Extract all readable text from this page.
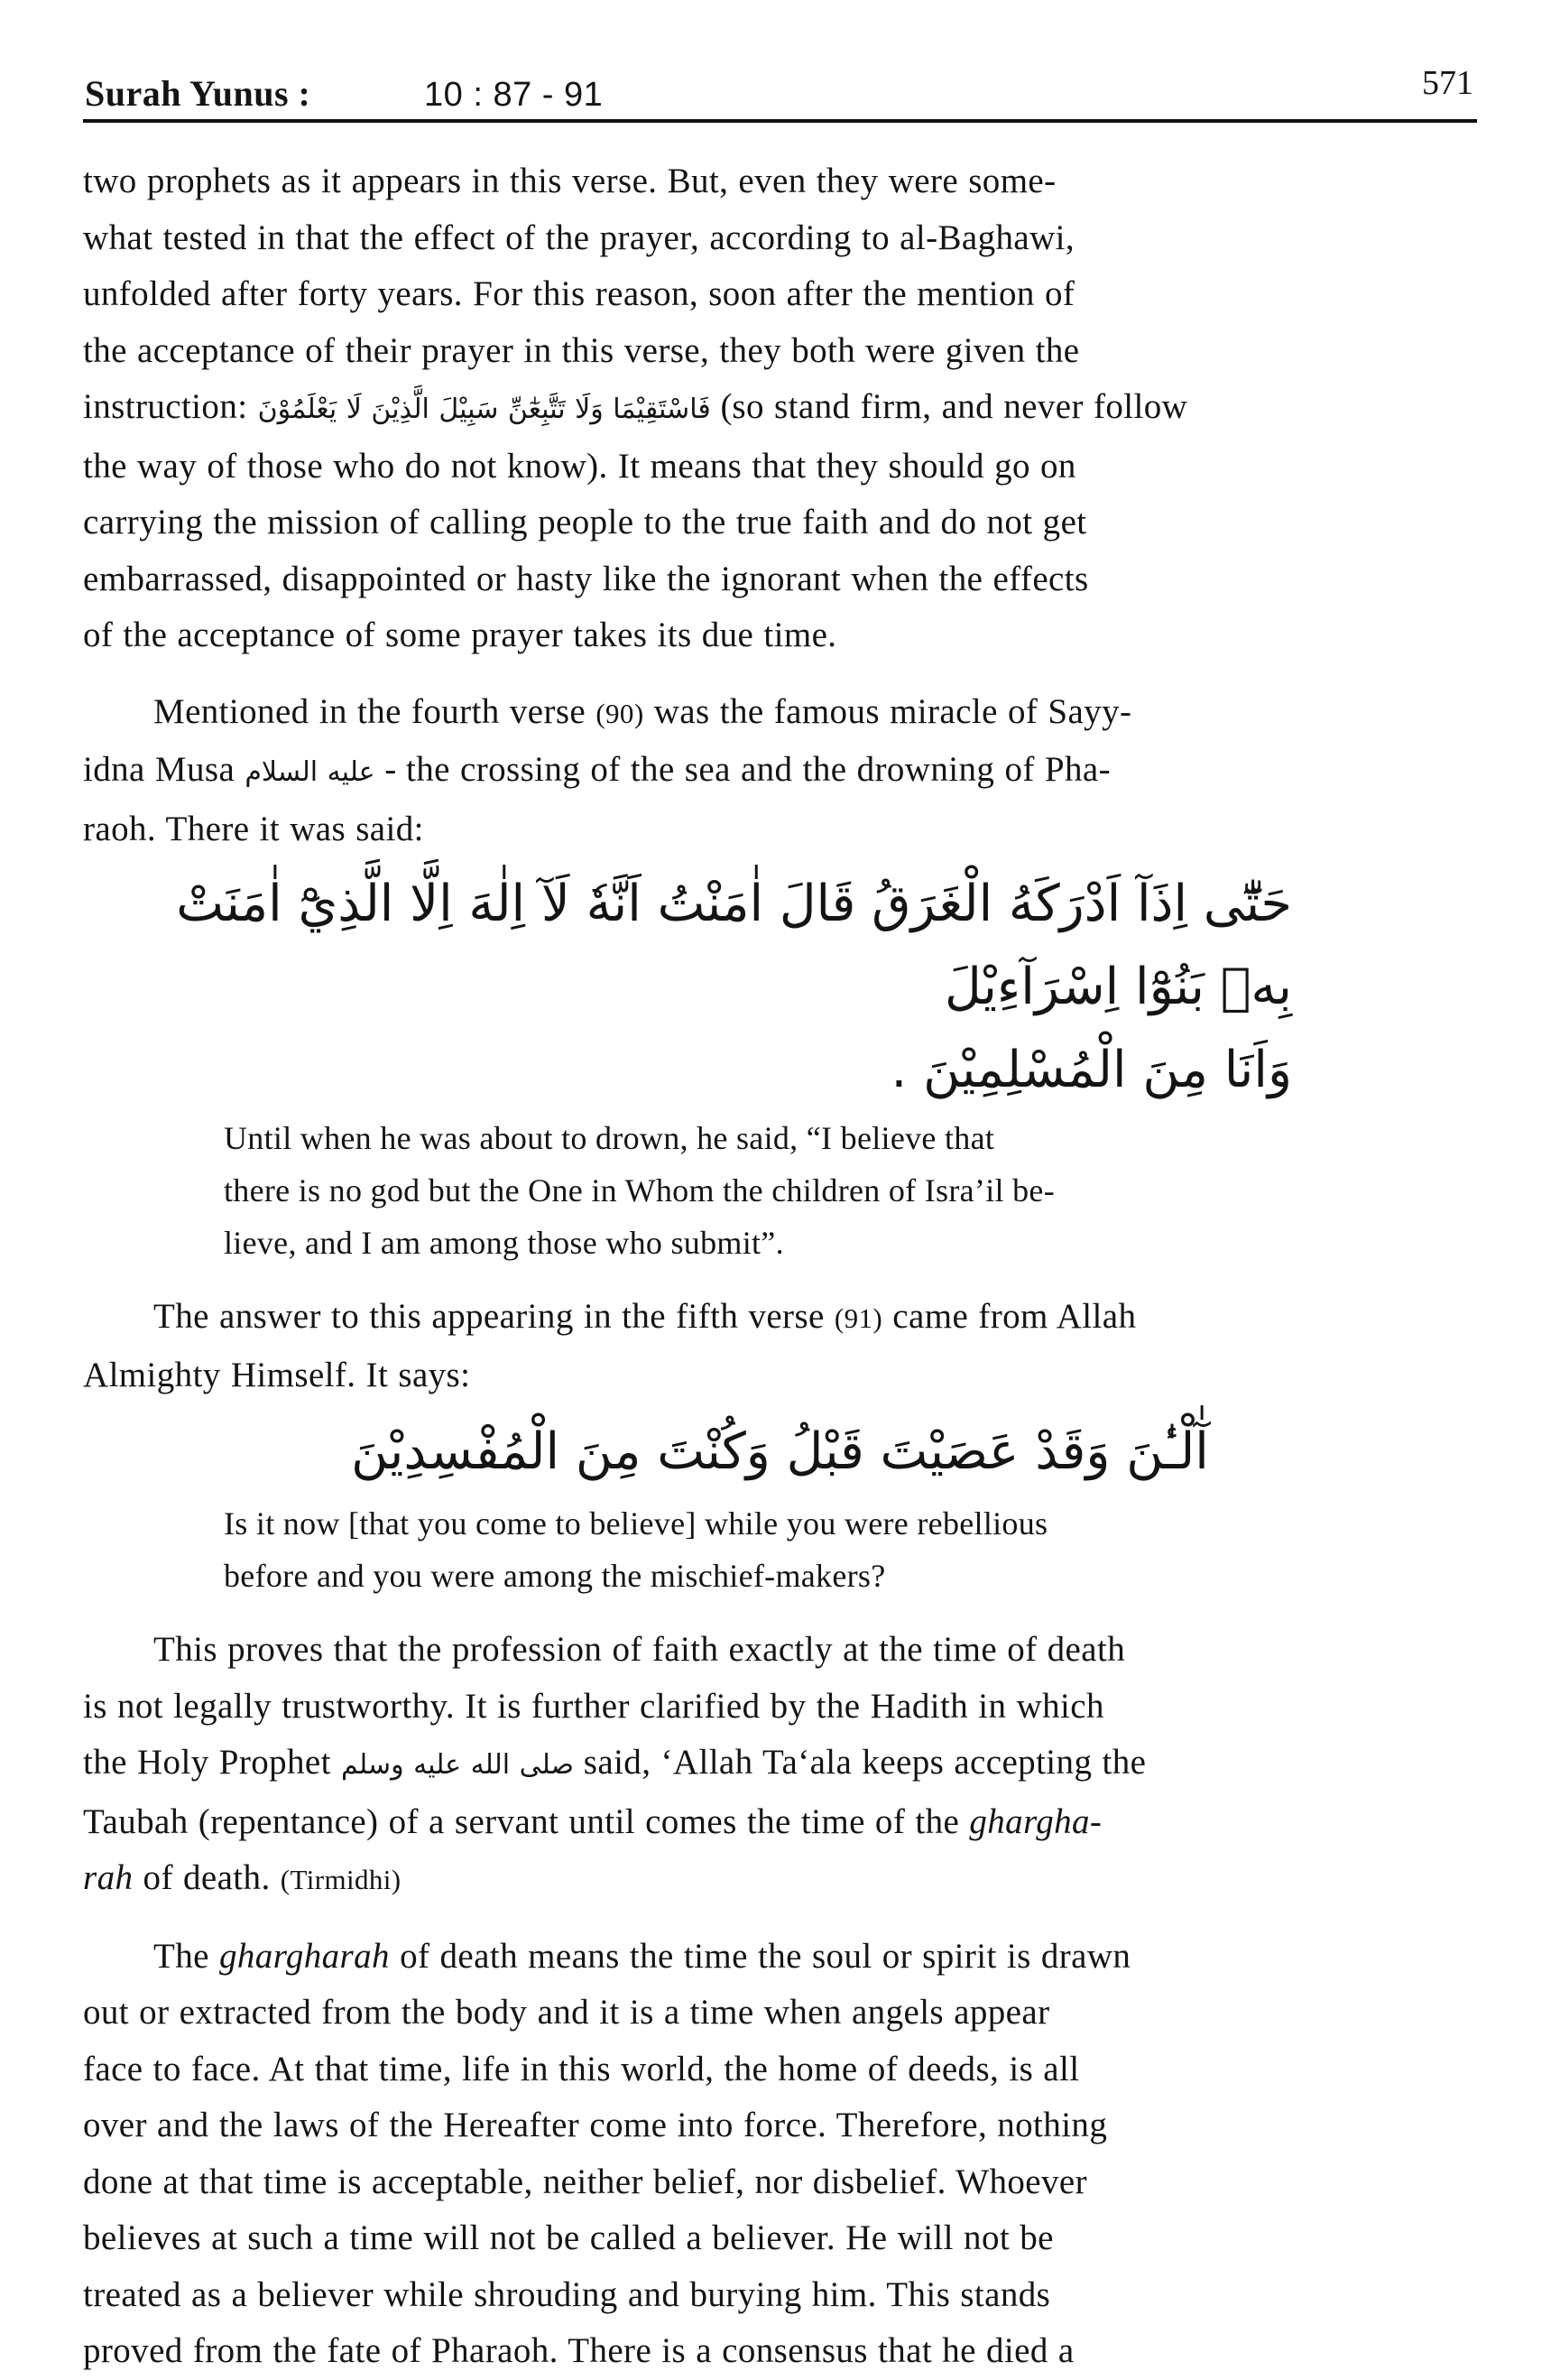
Surah Yunus :	10 : 87 - 91	571

two prophets as it appears in this verse. But, even they were some-

what tested in that the effect of the prayer, according to al-Baghawi,

unfolded after forty years. For this reason, soon after the mention of

the acceptance of their prayer in this verse, they both were given the

instruction: فَاسْتَقِيْمَا وَلَا تَتَّبِعٰٓنِّ سَبِيْلَ الَّذِيْنَ لَا يَعْلَمُوْنَ (so stand firm, and never follow

the way of those who do not know). It means that they should go on

carrying the mission of calling people to the true faith and do not get

embarrassed, disappointed or hasty like the ignorant when the effects

of the acceptance of some prayer takes its due time.

Mentioned in the fourth verse (90) was the famous miracle of Sayy-

idna Musa عليه السلام - the crossing of the sea and the drowning of Pha-

raoh. There it was said:

حَتّٰٓى اِذَآ اَدْرَكَهُ الْغَرَقُ قَالَ اٰمَنْتُ اَنَّهٗ لَآ اِلٰهَ اِلَّا الَّذِيْٓ اٰمَنَتْ بِهٖ بَنُوْٓا اِسْرَآءِيْلَ

وَاَنَا مِنَ الْمُسْلِمِيْنَ .

Until when he was about to drown, he said, “I believe that

there is no god but the One in Whom the children of Isra’il be-

lieve, and I am among those who submit”.

The answer to this appearing in the fifth verse (91) came from Allah

Almighty Himself. It says:

آٰلْـٰٔنَ وَقَدْ عَصَيْتَ قَبْلُ وَكُنْتَ مِنَ الْمُفْسِدِيْنَ

Is it now [that you come to believe] while you were rebellious

before and you were among the mischief-makers?

This proves that the profession of faith exactly at the time of death

is not legally trustworthy. It is further clarified by the Hadith in which

the Holy Prophet صلى الله عليه وسلم said, ‘Allah Ta‘ala keeps accepting the

Taubah (repentance) of a servant until comes the time of the ghargha-

rah of death. (Tirmidhi)

The ghargharah of death means the time the soul or spirit is drawn

out or extracted from the body and it is a time when angels appear

face to face. At that time, life in this world, the home of deeds, is all

over and the laws of the Hereafter come into force. Therefore, nothing

done at that time is acceptable, neither belief, nor disbelief. Whoever

believes at such a time will not be called a believer. He will not be

treated as a believer while shrouding and burying him. This stands

proved from the fate of Pharaoh. There is a consensus that he died a
